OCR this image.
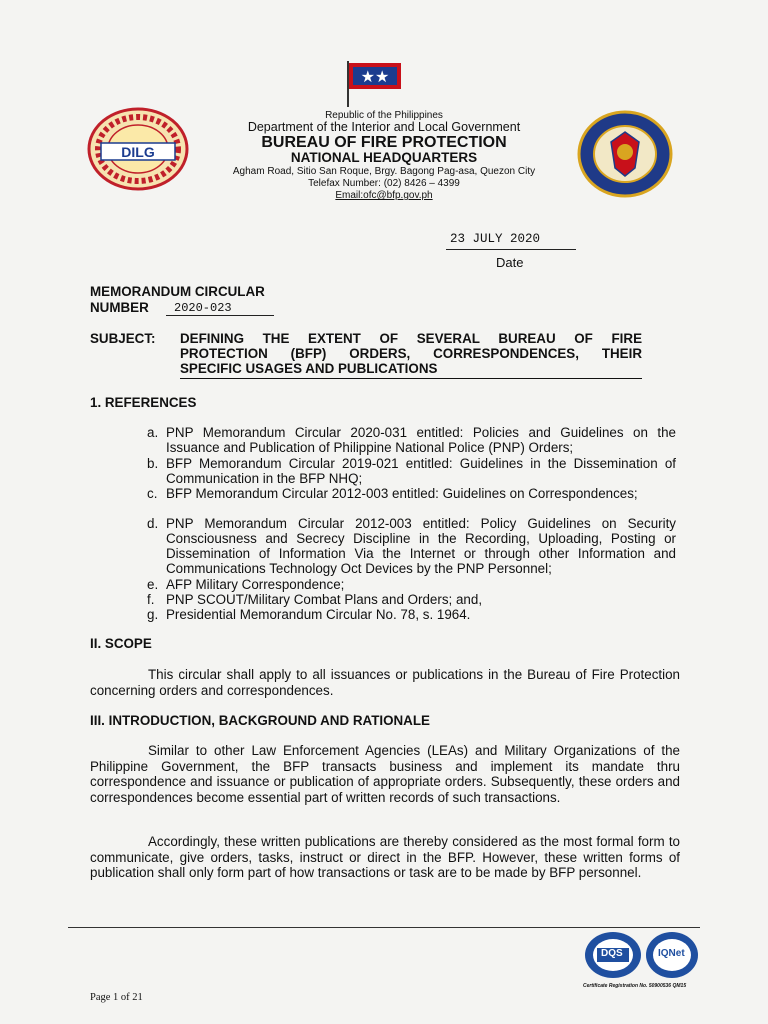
★★
DILG
Republic of the Philippines
Department of the Interior and Local Government
BUREAU OF FIRE PROTECTION
NATIONAL HEADQUARTERS
Agham Road, Sitio San Roque, Brgy. Bagong Pag-asa, Quezon City
Telefax Number: (02) 8426 – 4399
Email:ofc@bfp.gov.ph
23 JULY 2020
Date
MEMORANDUM CIRCULAR
NUMBER 2020-023
SUBJECT: DEFINING THE EXTENT OF SEVERAL BUREAU OF FIRE
PROTECTION (BFP) ORDERS, CORRESPONDENCES, THEIR
SPECIFIC USAGES AND PUBLICATIONS
1. REFERENCES
a. PNP Memorandum Circular 2020-031 entitled: Policies and Guidelines on the Issuance and Publication of Philippine National Police (PNP) Orders;
b. BFP Memorandum Circular 2019-021 entitled: Guidelines in the Dissemination of Communication in the BFP NHQ;
c. BFP Memorandum Circular 2012-003 entitled: Guidelines on Correspondences;
d. PNP Memorandum Circular 2012-003 entitled: Policy Guidelines on Security Consciousness and Secrecy Discipline in the Recording, Uploading, Posting or Dissemination of Information Via the Internet or through other Information and Communications Technology Oct Devices by the PNP Personnel;
e. AFP Military Correspondence;
f. PNP SCOUT/Military Combat Plans and Orders; and,
g. Presidential Memorandum Circular No. 78, s. 1964.
II. SCOPE
This circular shall apply to all issuances or publications in the Bureau of Fire Protection concerning orders and correspondences.
III. INTRODUCTION, BACKGROUND AND RATIONALE
Similar to other Law Enforcement Agencies (LEAs) and Military Organizations of the Philippine Government, the BFP transacts business and implement its mandate thru correspondence and issuance or publication of appropriate orders. Subsequently, these orders and correspondences become essential part of written records of such transactions.
Accordingly, these written publications are thereby considered as the most formal form to communicate, give orders, tasks, instruct or direct in the BFP. However, these written forms of publication shall only form part of how transactions or task are to be made by BFP personnel.
DQS	IQNet
Certificate Registration No. 50900536 QM15
Page 1 of 21
